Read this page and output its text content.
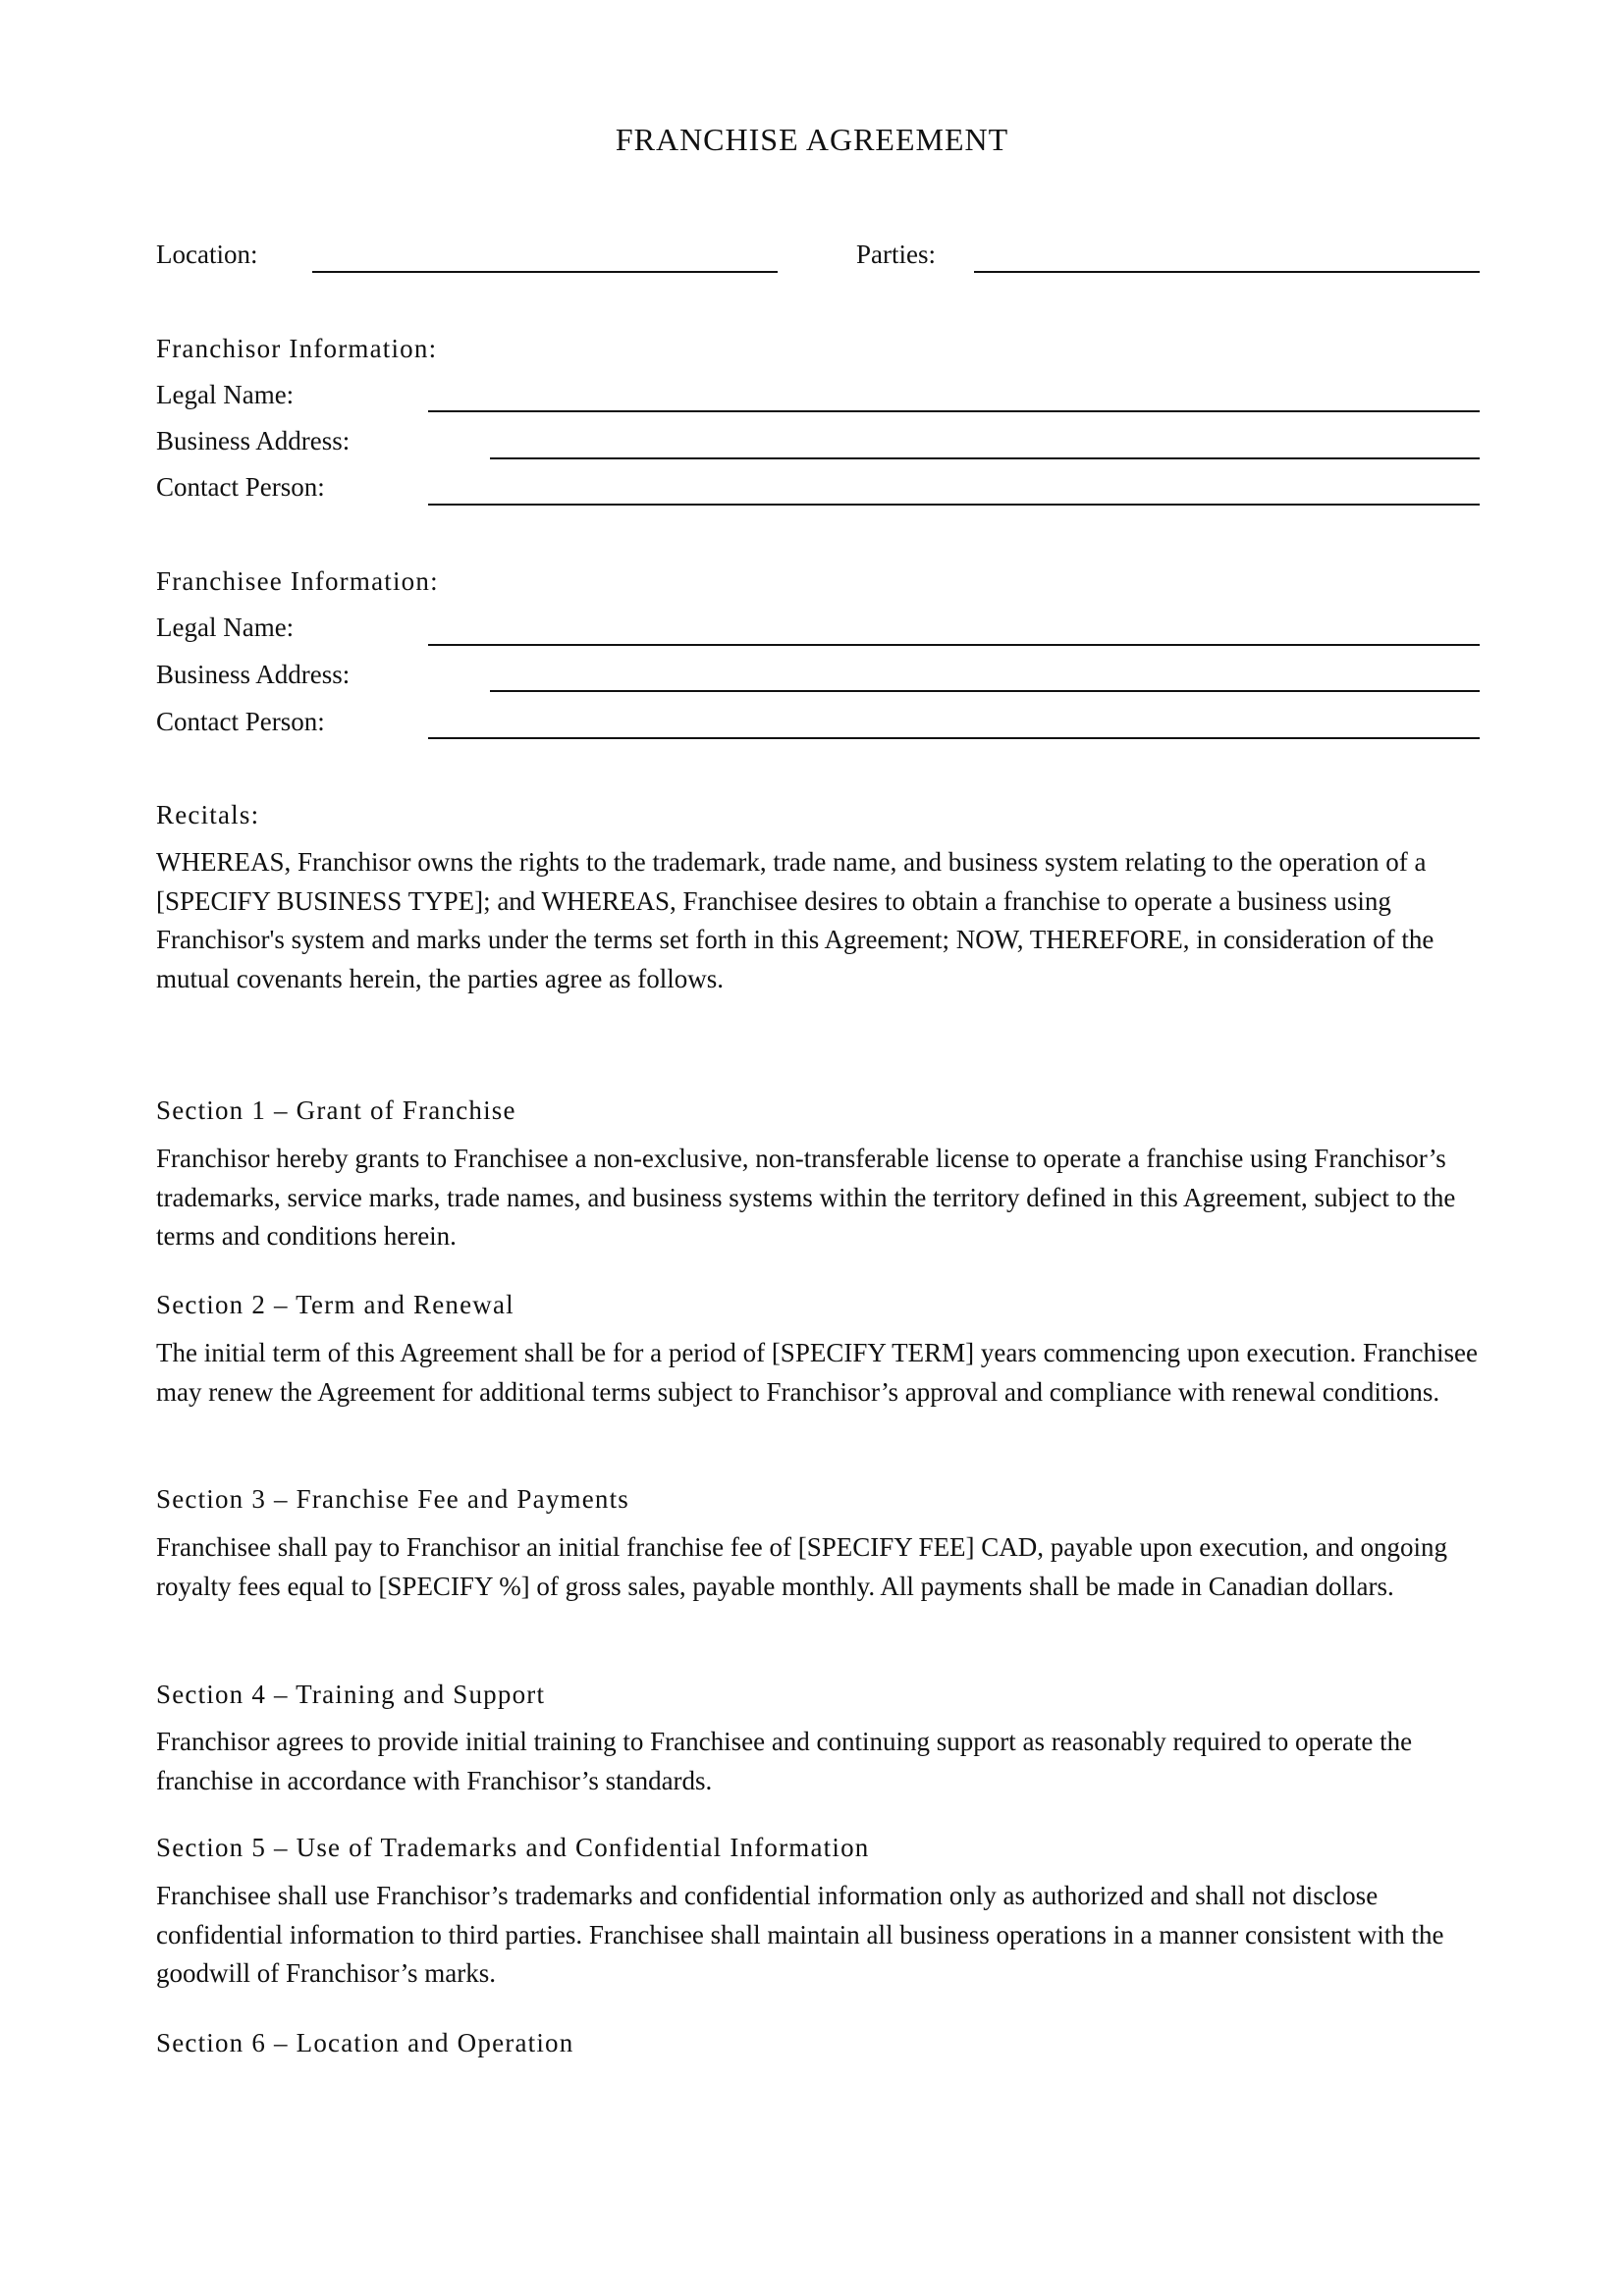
FRANCHISE AGREEMENT
Location:	Parties:
Franchisor Information:
Legal Name:
Business Address:
Contact Person:
Franchisee Information:
Legal Name:
Business Address:
Contact Person:
Recitals:
WHEREAS, Franchisor owns the rights to the trademark, trade name, and business system relating to the operation of a [SPECIFY BUSINESS TYPE]; and WHEREAS, Franchisee desires to obtain a franchise to operate a business using Franchisor's system and marks under the terms set forth in this Agreement; NOW, THEREFORE, in consideration of the mutual covenants herein, the parties agree as follows.
Section 1 – Grant of Franchise
Franchisor hereby grants to Franchisee a non-exclusive, non-transferable license to operate a franchise using Franchisor’s trademarks, service marks, trade names, and business systems within the territory defined in this Agreement, subject to the terms and conditions herein.
Section 2 – Term and Renewal
The initial term of this Agreement shall be for a period of [SPECIFY TERM] years commencing upon execution. Franchisee may renew the Agreement for additional terms subject to Franchisor’s approval and compliance with renewal conditions.
Section 3 – Franchise Fee and Payments
Franchisee shall pay to Franchisor an initial franchise fee of [SPECIFY FEE] CAD, payable upon execution, and ongoing royalty fees equal to [SPECIFY %] of gross sales, payable monthly. All payments shall be made in Canadian dollars.
Section 4 – Training and Support
Franchisor agrees to provide initial training to Franchisee and continuing support as reasonably required to operate the franchise in accordance with Franchisor’s standards.
Section 5 – Use of Trademarks and Confidential Information
Franchisee shall use Franchisor’s trademarks and confidential information only as authorized and shall not disclose confidential information to third parties. Franchisee shall maintain all business operations in a manner consistent with the goodwill of Franchisor’s marks.
Section 6 – Location and Operation
